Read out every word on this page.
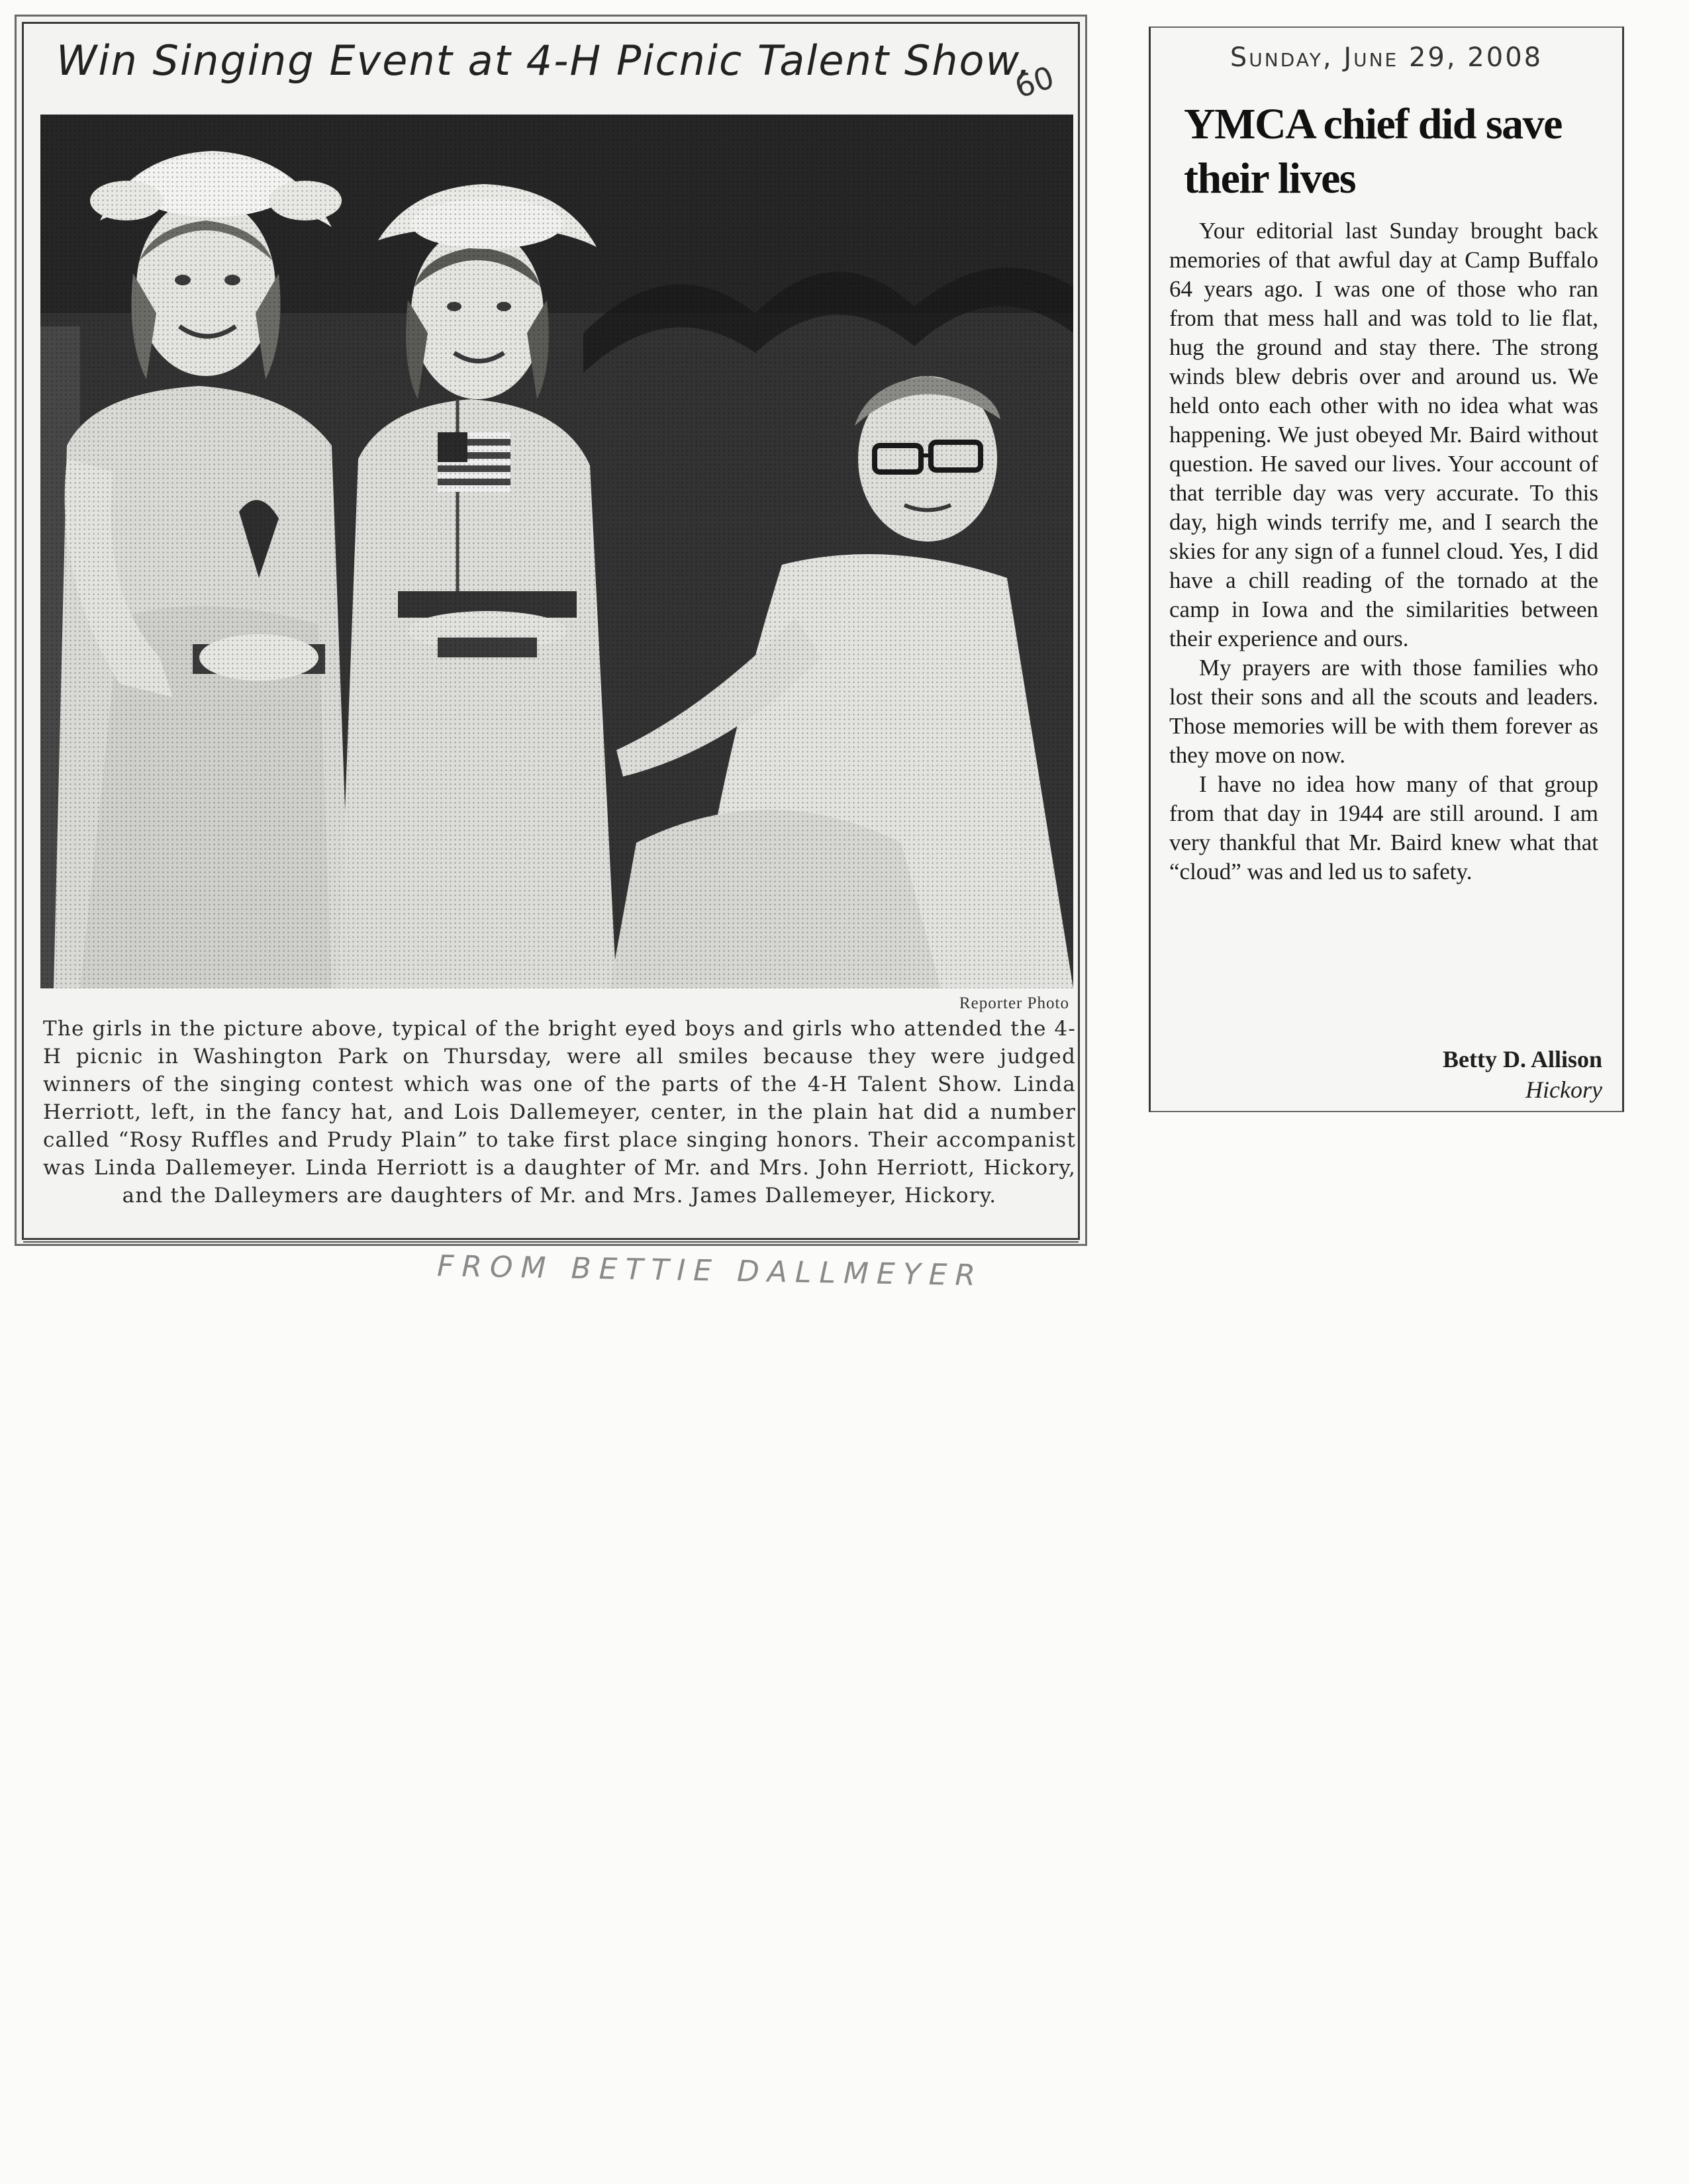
Win Singing Event at 4-H Picnic Talent Show,
60
Reporter Photo

The girls in the picture above, typical of the bright eyed boys and girls who attended the 4-H picnic in Washington Park on Thursday, were all smiles because they were judged winners of the singing contest which was one of the parts of the 4-H Talent Show. Linda Herriott, left, in the fancy hat, and Lois Dallemeyer, center, in the plain hat did a number called “Rosy Ruffles and Prudy Plain” to take first place singing honors. Their accompanist was Linda Dallemeyer. Linda Herriott is a daughter of Mr. and Mrs. John Herriott, Hickory, and the Dalleymers are daughters of Mr. and Mrs. James Dallemeyer, Hickory.

FROM BETTIE DALLMEYER
Sunday, June 29, 2008
YMCA chief did save their lives

Your editorial last Sunday brought back memories of that awful day at Camp Buffalo 64 years ago. I was one of those who ran from that mess hall and was told to lie flat, hug the ground and stay there. The strong winds blew debris over and around us. We held onto each other with no idea what was happening. We just obeyed Mr. Baird without question. He saved our lives. Your account of that terrible day was very accurate. To this day, high winds terrify me, and I search the skies for any sign of a funnel cloud. Yes, I did have a chill reading of the tornado at the camp in Iowa and the similarities between their experience and ours.

My prayers are with those families who lost their sons and all the scouts and leaders. Those memories will be with them forever as they move on now.

I have no idea how many of that group from that day in 1944 are still around. I am very thankful that Mr. Baird knew what that “cloud” was and led us to safety.

Betty D. Allison
Hickory
